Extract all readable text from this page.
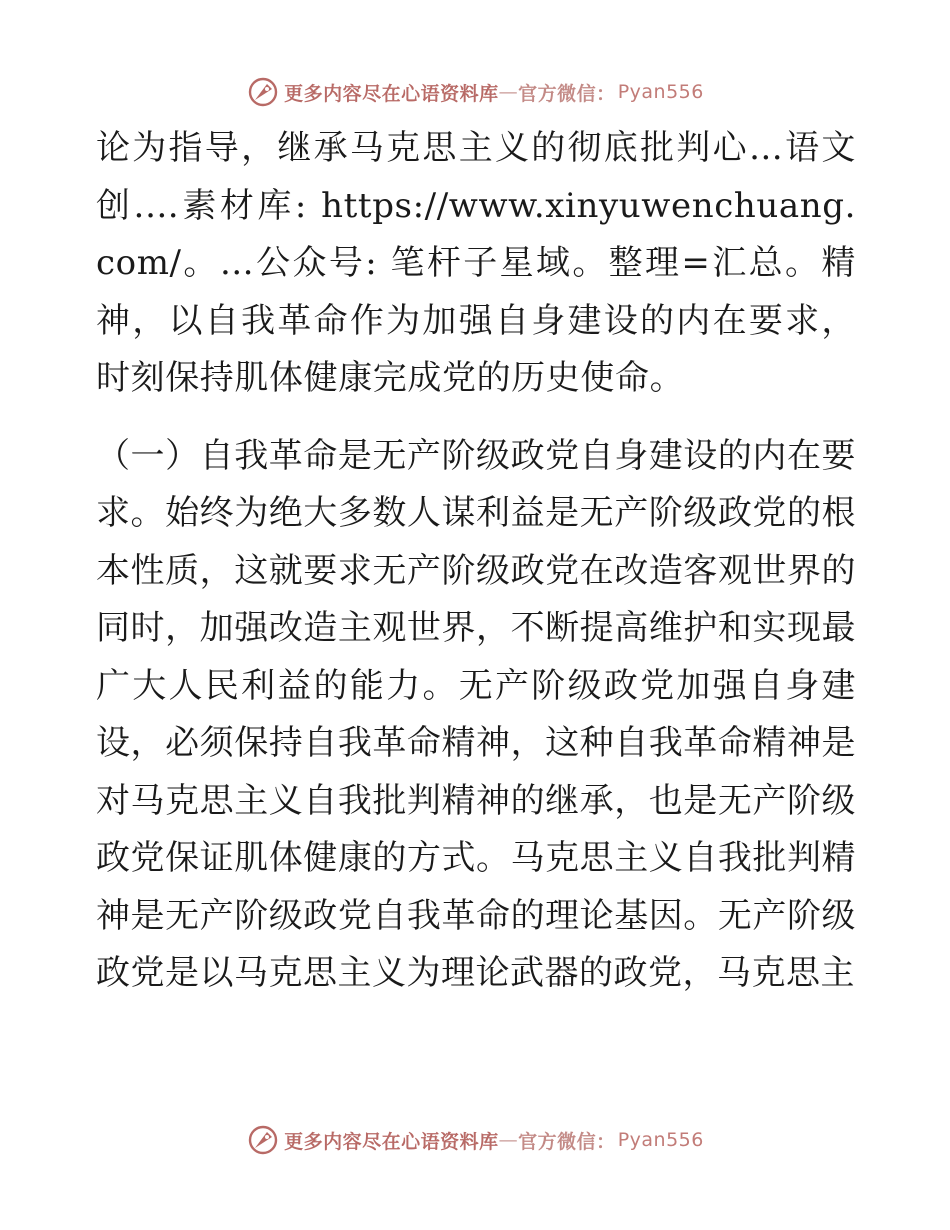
更多内容尽在心语资料库 — 官方微信： Pyan556

论为指导，继承马克思主义的彻底批判心…语文创.…素材库: https://www.xinyuwenchuang.com/。…公众号: 笔杆子星域。整理=汇总。精神，以自我革命作为加强自身建设的内在要求，时刻保持肌体健康完成党的历史使命。

（一）自我革命是无产阶级政党自身建设的内在要求。始终为绝大多数人谋利益是无产阶级政党的根本性质，这就要求无产阶级政党在改造客观世界的同时，加强改造主观世界，不断提高维护和实现最广大人民利益的能力。无产阶级政党加强自身建设，必须保持自我革命精神，这种自我革命精神是对马克思主义自我批判精神的继承，也是无产阶级政党保证肌体健康的方式。马克思主义自我批判精神是无产阶级政党自我革命的理论基因。无产阶级政党是以马克思主义为理论武器的政党，马克思主

更多内容尽在心语资料库 — 官方微信： Pyan556
